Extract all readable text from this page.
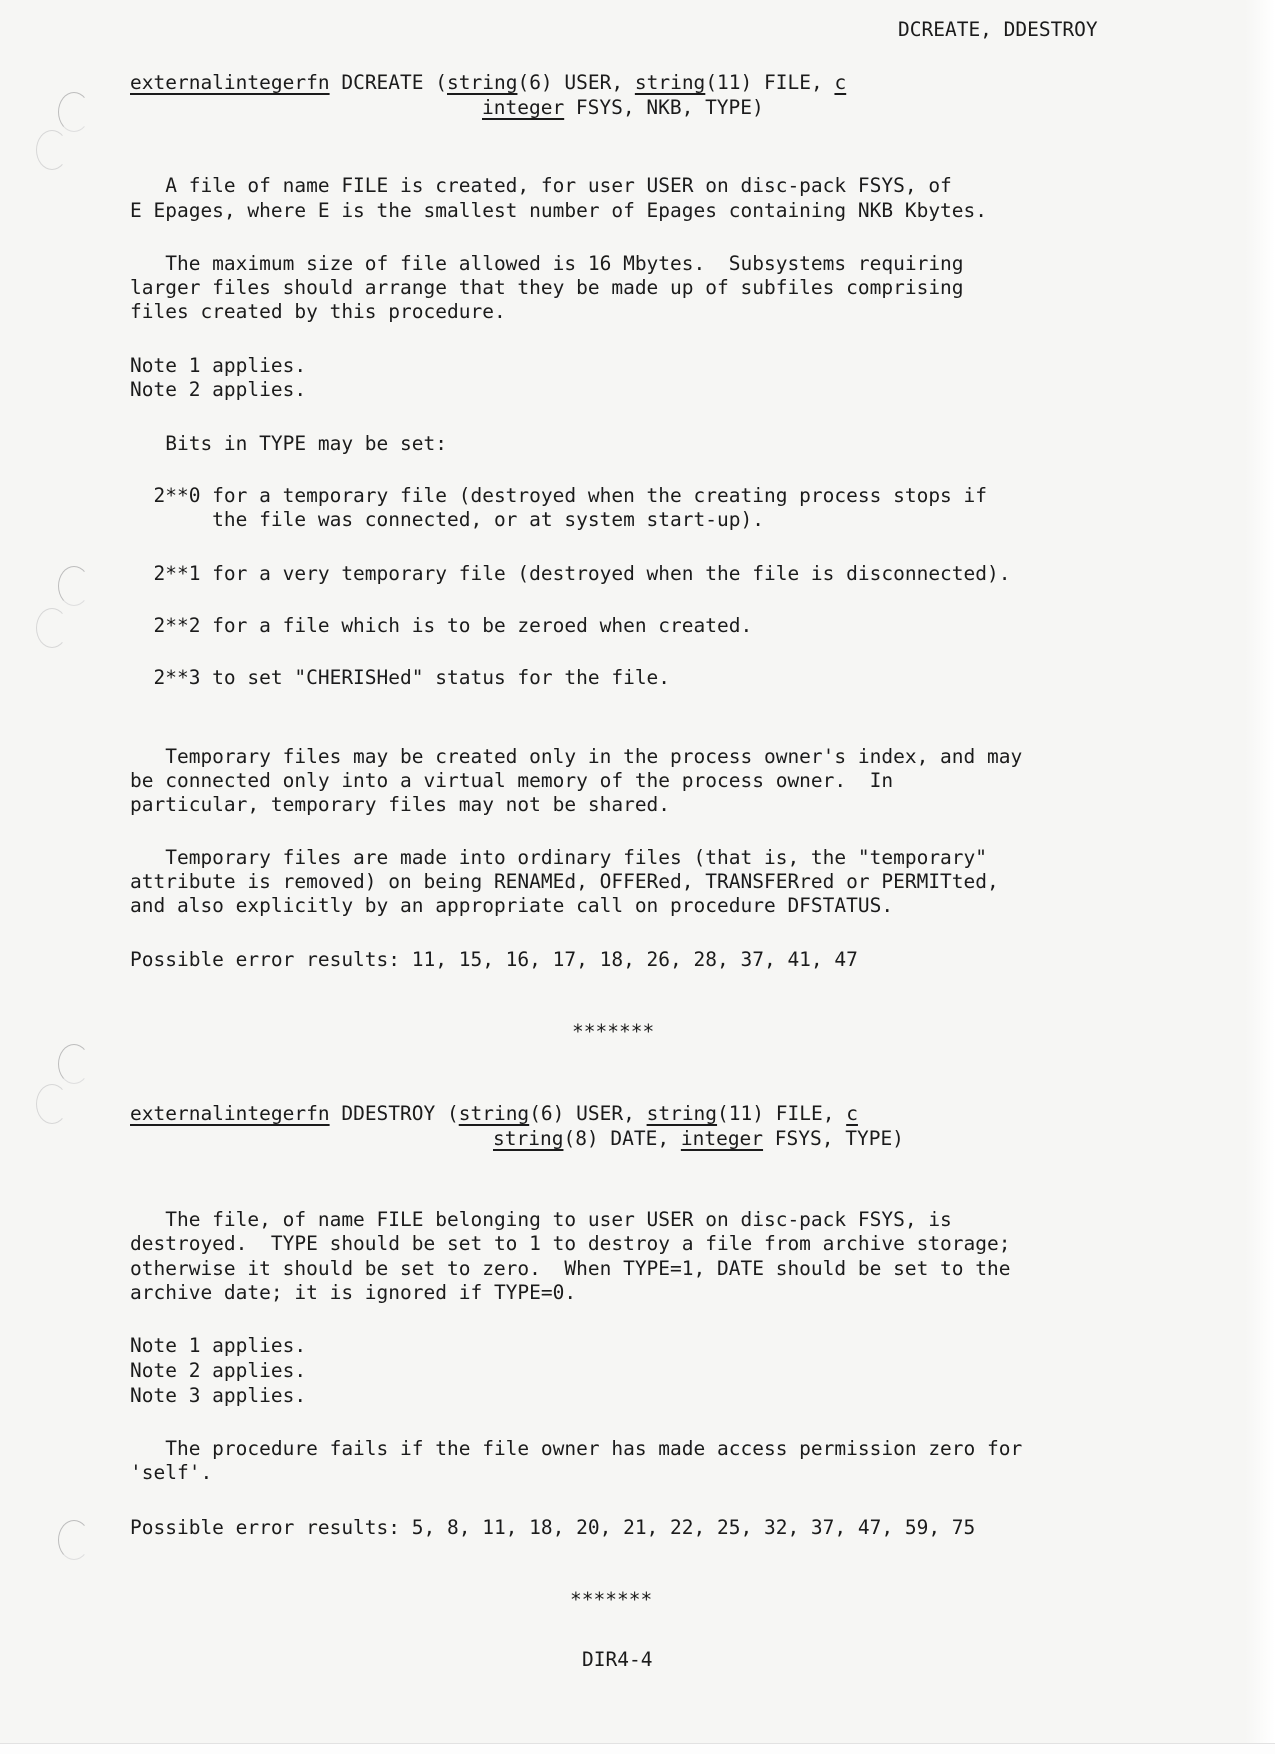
DCREATE, DDESTROY
externalintegerfn DCREATE (string(6) USER, string(11) FILE, c
integer FSYS, NKB, TYPE)
A file of name FILE is created, for user USER on disc-pack FSYS, of
E Epages, where E is the smallest number of Epages containing NKB Kbytes.
The maximum size of file allowed is 16 Mbytes.  Subsystems requiring
larger files should arrange that they be made up of subfiles comprising
files created by this procedure.
Note 1 applies.
Note 2 applies.
Bits in TYPE may be set:
2**0 for a temporary file (destroyed when the creating process stops if
the file was connected, or at system start-up).
2**1 for a very temporary file (destroyed when the file is disconnected).
2**2 for a file which is to be zeroed when created.
2**3 to set "CHERISHed" status for the file.
Temporary files may be created only in the process owner's index, and may
be connected only into a virtual memory of the process owner.  In
particular, temporary files may not be shared.
Temporary files are made into ordinary files (that is, the "temporary"
attribute is removed) on being RENAMEd, OFFERed, TRANSFERred or PERMITted,
and also explicitly by an appropriate call on procedure DFSTATUS.
Possible error results: 11, 15, 16, 17, 18, 26, 28, 37, 41, 47
*******
externalintegerfn DDESTROY (string(6) USER, string(11) FILE, c
string(8) DATE, integer FSYS, TYPE)
The file, of name FILE belonging to user USER on disc-pack FSYS, is
destroyed.  TYPE should be set to 1 to destroy a file from archive storage;
otherwise it should be set to zero.  When TYPE=1, DATE should be set to the
archive date; it is ignored if TYPE=0.
Note 1 applies.
Note 2 applies.
Note 3 applies.
The procedure fails if the file owner has made access permission zero for
'self'.
Possible error results: 5, 8, 11, 18, 20, 21, 22, 25, 32, 37, 47, 59, 75
*******
DIR4-4
